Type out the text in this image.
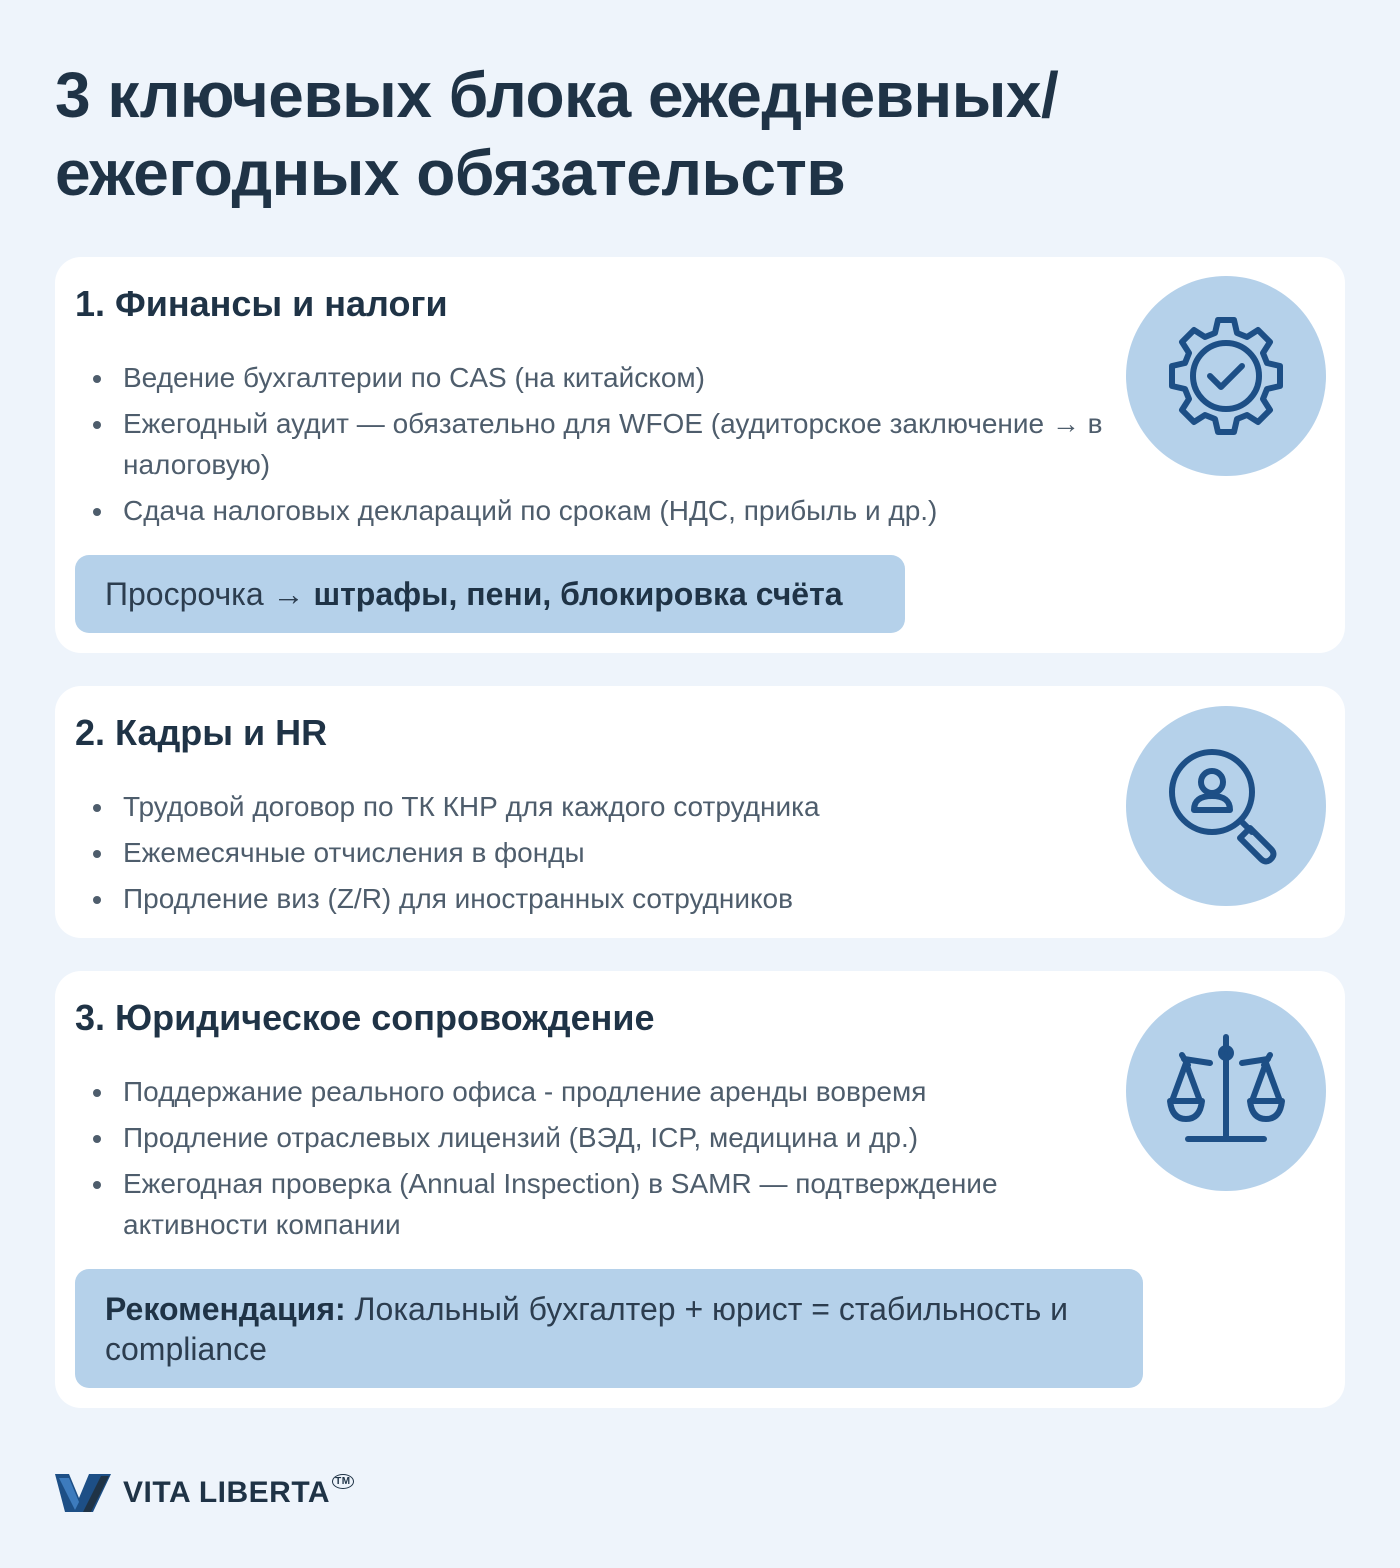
3 ключевых блока ежедневных/
ежегодных обязательств
1. Финансы и налоги
Ведение бухгалтерии по CAS (на китайском)
Ежегодный аудит — обязательно для WFOE (аудиторское заключение → в налоговую)
Сдача налоговых деклараций по срокам (НДС, прибыль и др.)
Просрочка → штрафы, пени, блокировка счёта
2. Кадры и HR
Трудовой договор по ТК КНР для каждого сотрудника
Ежемесячные отчисления в фонды
Продление виз (Z/R) для иностранных сотрудников
3. Юридическое сопровождение
Поддержание реального офиса - продление аренды вовремя
Продление отраслевых лицензий (ВЭД, ICP, медицина и др.)
Ежегодная проверка (Annual Inspection) в SAMR — подтверждение активности компании
Рекомендация: Локальный бухгалтер + юрист = стабильность и compliance
VITA LIBERTA ™
